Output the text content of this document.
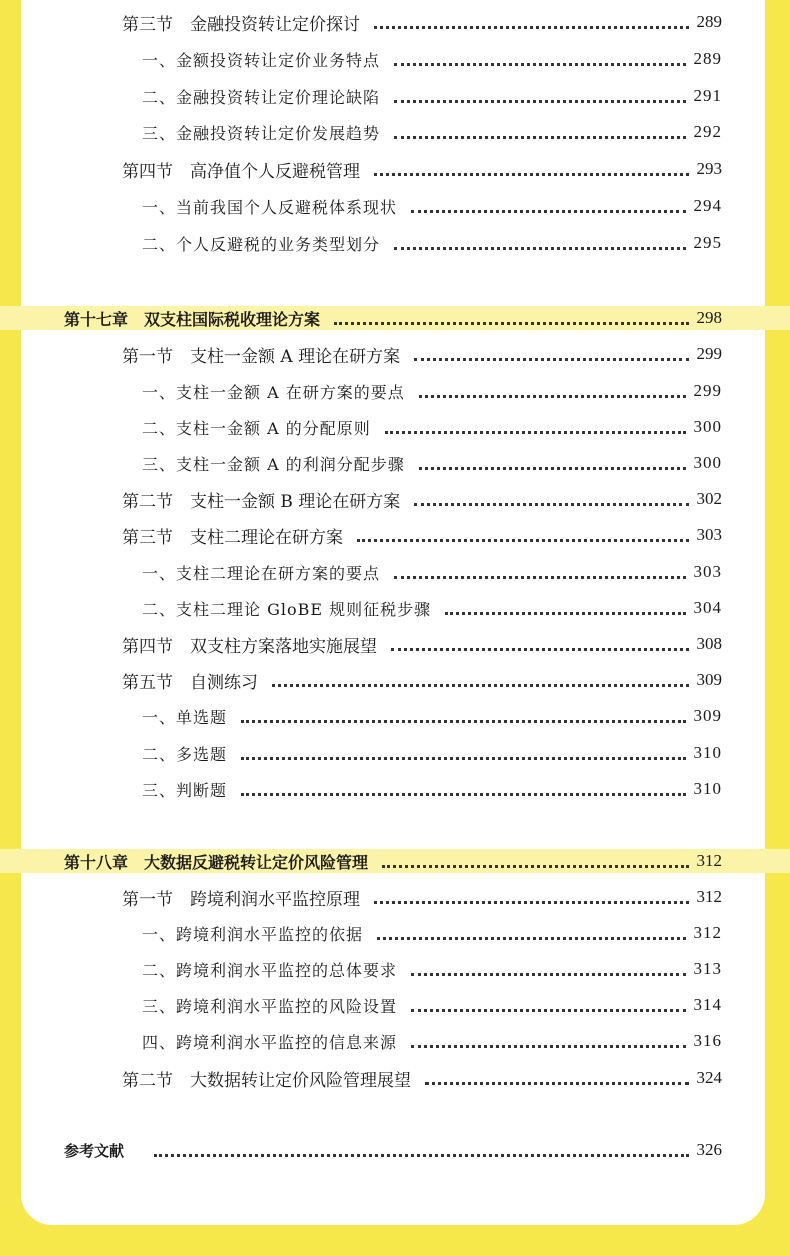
第三节　金融投资转让定价探讨	289
一、金额投资转让定价业务特点	289
二、金融投资转让定价理论缺陷	291
三、金融投资转让定价发展趋势	292
第四节　高净值个人反避税管理	293
一、当前我国个人反避税体系现状	294
二、个人反避税的业务类型划分	295
第十七章　双支柱国际税收理论方案	298
第一节　支柱一金额 A 理论在研方案	299
一、支柱一金额 A 在研方案的要点	299
二、支柱一金额 A 的分配原则	300
三、支柱一金额 A 的利润分配步骤	300
第二节　支柱一金额 B 理论在研方案	302
第三节　支柱二理论在研方案	303
一、支柱二理论在研方案的要点	303
二、支柱二理论 GloBE 规则征税步骤	304
第四节　双支柱方案落地实施展望	308
第五节　自测练习	309
一、单选题	309
二、多选题	310
三、判断题	310
第十八章　大数据反避税转让定价风险管理	312
第一节　跨境利润水平监控原理	312
一、跨境利润水平监控的依据	312
二、跨境利润水平监控的总体要求	313
三、跨境利润水平监控的风险设置	314
四、跨境利润水平监控的信息来源	316
第二节　大数据转让定价风险管理展望	324
参考文献	326
